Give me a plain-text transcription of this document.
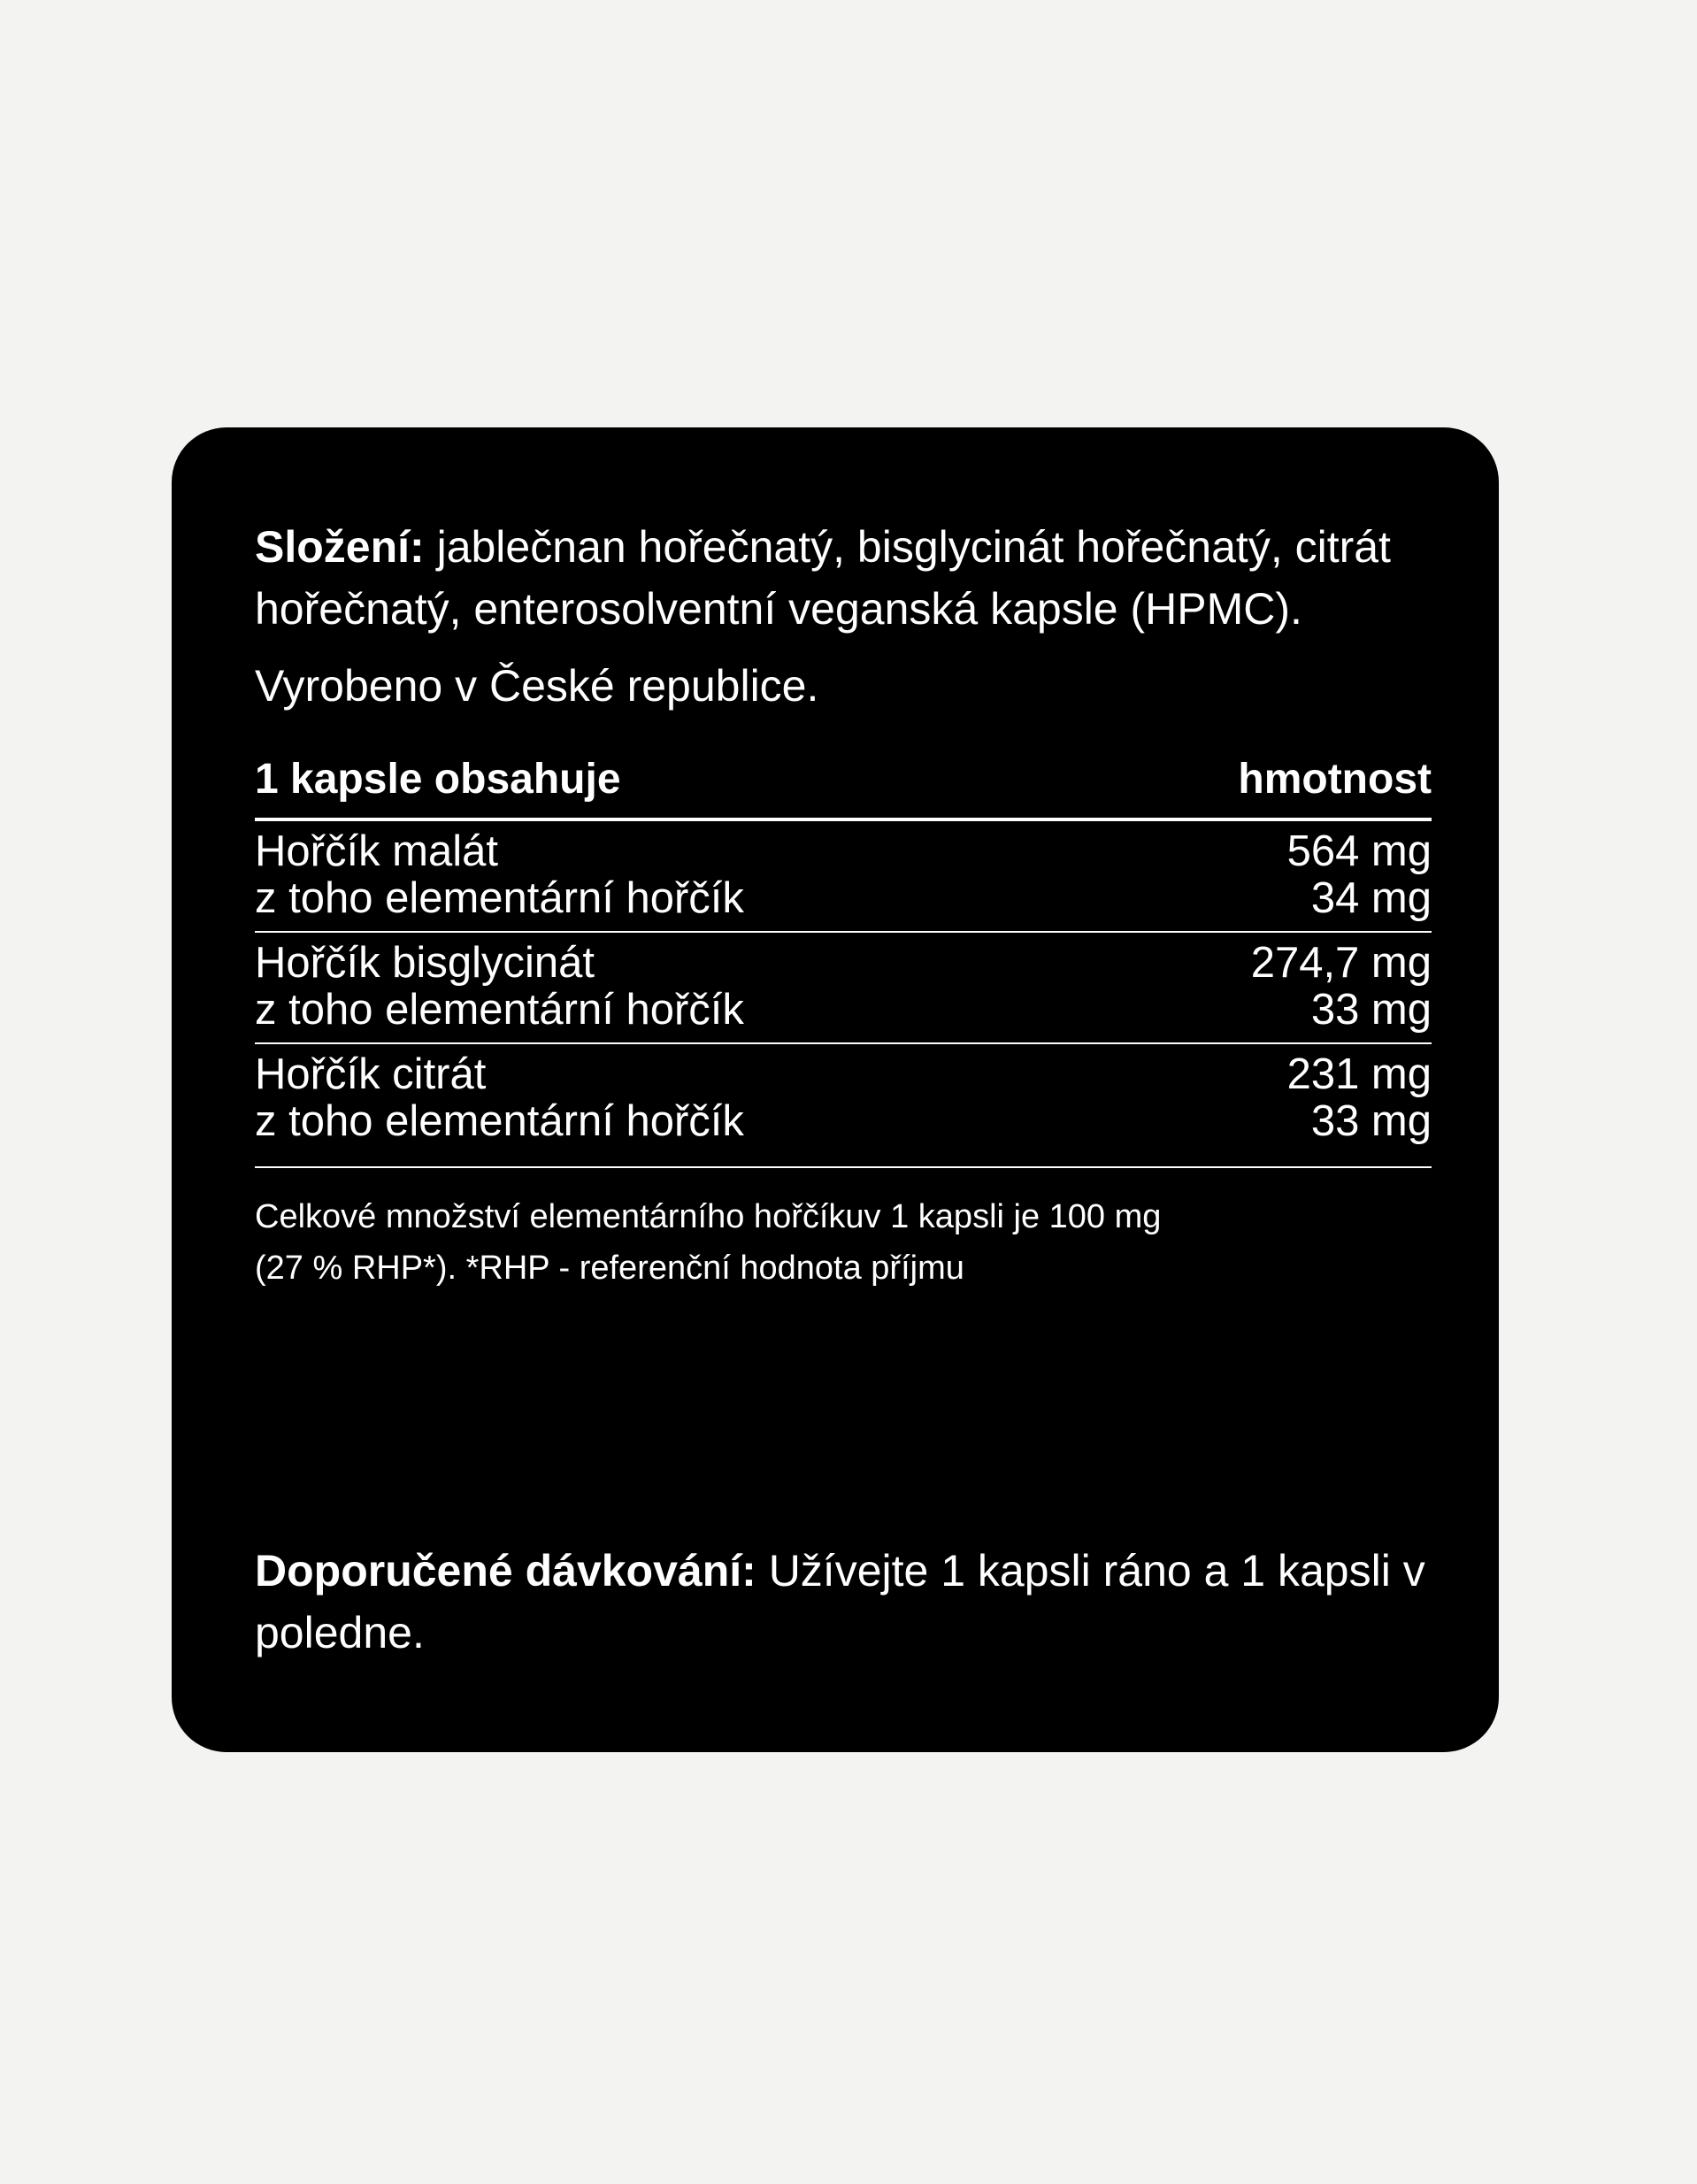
Složení: jablečnan hořečnatý, bisglycinát hořečnatý, citrát hořečnatý, enterosolventní veganská kapsle (HPMC).

Vyrobeno v České republice.

1 kapsle obsahuje	hmotnost
Hořčík malát	564 mg
z toho elementární hořčík	34 mg
Hořčík bisglycinát	274,7 mg
z toho elementární hořčík	33 mg
Hořčík citrát	231 mg
z toho elementární hořčík	33 mg
Celkové množství elementárního hořčíkuv 1 kapsli je 100 mg
(27 % RHP*). *RHP - referenční hodnota příjmu

Doporučené dávkování: Užívejte 1 kapsli ráno a 1 kapsli v poledne.
